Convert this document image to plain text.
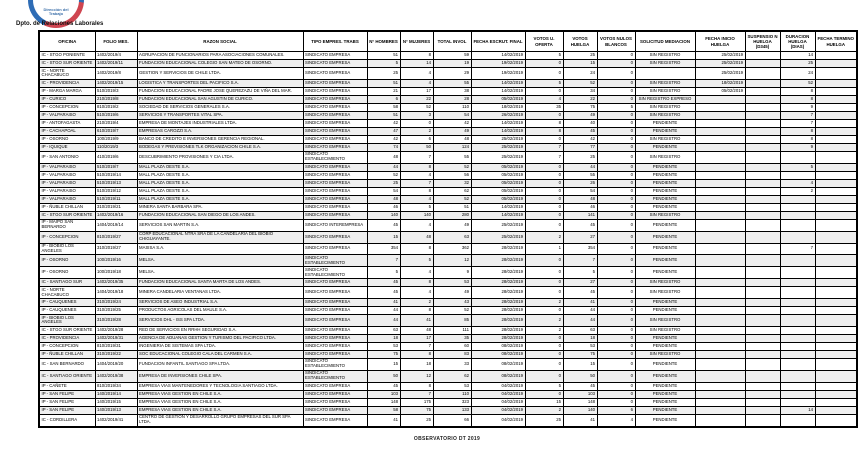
Dirección del
Trabajo
Dpto. de Relaciones Laborales
OFICINA	FOLIO MES.	RAZON SOCIAL	TIPO EMPRES. TRABS	N° HOMBRES	N° MUJERES	TOTAL INVOL	FECHA ESCRUT. FINAL	VOTOS U. OFERTA	VOTOS HUELGA	VOTOS NULOS BLANCOS	SOLICITUD MEDIACION	FECHA INICIO HUELGA	SUSPENSIO N HUELGA (D345)	DURACION HUELGA (DIAS)	FECHA TERMINO HUELGA
IC - STGO PONIENTE	1402/2019/4	AGRUPACION DE FUNCIONARIOS PARA ASOCIACIONES COMUNALES.	SINDICATO EMPRESA	51	8	59	14/02/2019	5	25	0	SIN REGISTRO	25/02/2019		14	
IC - STGO SUR ORIENTE	1402/2019/11	FUNDACION EDUCACIONAL COLEGIO SAN MATEO DE OSORNO.	SINDICATO EMPRESA	5	14	19	19/02/2019	0	15	0	SIN REGISTRO	25/02/2019		25	
IC - NORTE CHACABUCO	1402/2019/8	GESTION Y SERVICIOS DE CHILE LTDA.	SINDICATO EMPRESA	25	4	29	19/02/2019	0	24	0		25/02/2019		24	
IC - PROVIDENCIA	1402/2019/15	LOGISTICA Y TRANSPORTES DEL PACIFICO S.A.	SINDICATO EMPRESA	51	4	55	14/02/2019	5	52	0	SIN REGISTRO	18/02/2019		52	
IP - MARGA MARGA	510/2019/3	FUNDACION EDUCACIONAL PADRE JOSE QUEREZAZU DE VIÑA DEL MAR.	SINDICATO EMPRESA	21	17	38	14/02/2019	0	34	0	SIN REGISTRO	05/02/2019		8	
IP - CURICO	210/2019/8	FUNDACION EDUCACIONAL SAN AGUSTIN DE CURICO.	SINDICATO EMPRESA	6	22	28	05/02/2019	4	22	0	SIN REGISTRO EXPRESO			8	
IP - CONCEPCION	810/2019/2	SOCIEDAD DE SERVICIOS GENERALES S.A.	SINDICATO EMPRESA	58	52	110	18/02/2019	35	75	5	SIN REGISTRO			9	
IP - VALPARAISO	510/2019/6	SERVICIOS Y TRANSPORTES VITAL SPA.	SINDICATO EMPRESA	51	3	54	26/02/2019	0	49	0	SIN REGISTRO			7	
IP - ANTOFAGASTA	210/2019/4	EMPRESA DE MONTAJES INDUSTRIALES LTDA.	SINDICATO EMPRESA	42	0	42	14/02/2019	8	40	0	PENDIENTE			7	
IP - CACHAPOAL	610/2019/7	EMPRESAS CAROZZI S.A.	SINDICATO EMPRESA	47	2	49	14/02/2019	8	45	0	PENDIENTE			8	
IP - OSORNO	100/2019/9	BANCO DE CREDITO E INVERSIONES GERENCIA REGIONAL.	SINDICATO EMPRESA	42	6	48	25/02/2019	0	42	0	SIN REGISTRO			8	
IP - IQUIQUE	110/2019/3	BODEGAS Y PREVISIONES TLK ORGANIZACION CHILE S.A.	SINDICATO EMPRESA	74	50	124	25/02/2019	7	77	0	PENDIENTE			9	
IP - SAN ANTONIO	410/2019/6	DESCUBRIMIENTO PROVISIONES Y CIA LTDA.	SINDICATO ESTABLECIMIENTO	48	7	55	25/02/2019	7	25	0	SIN REGISTRO				
IP - VALPARAISO	510/2019/7	MALL PLAZA OESTE S.A.	SINDICATO EMPRESA	44	8	52	05/02/2019	0	44	0	PENDIENTE			5	
IP - VALPARAISO	510/2019/14	MALL PLAZA OESTE S.A.	SINDICATO EMPRESA	52	4	56	05/02/2019	0	55	0	PENDIENTE				
IP - VALPARAISO	510/2019/13	MALL PLAZA OESTE S.A.	SINDICATO EMPRESA	25	7	32	05/02/2019	0	26	0	PENDIENTE			4	
IP - VALPARAISO	510/2019/12	MALL PLAZA OESTE S.A.	SINDICATO EMPRESA	54	8	62	05/02/2019	0	54	0	PENDIENTE			2	
IP - VALPARAISO	510/2019/11	MALL PLAZA OESTE S.A.	SINDICATO EMPRESA	48	4	52	05/02/2019	0	48	0	PENDIENTE				
IP - ÑUBLE CHILLAN	310/2019/21	MINERA SANTA BARBARA SPA.	SINDICATO EMPRESA	46	5	51	14/02/2019	0	46	0	PENDIENTE				
IC - STGO SUR ORIENTE	1402/2019/16	FUNDACION EDUCACIONAL SAN DIEGO DE LOS ANDES.	SINDICATO EMPRESA	140	140	280	14/02/2019	0	141	0	SIN REGISTRO				
IP - MAIPO SAN BERNARDO	1404/2019/14	SERVICIOS SAN MARTIN S.A.	SINDICATO INTEREMPRESA	45	4	49	25/02/2019	0	45	0	PENDIENTE				
IP - CONCEPCION	810/2019/27	CORP EDUCACIONAL NTRA SRA DE LA CANDELARIA DEL BIOBIO CHIGUAYANTE.	SINDICATO EMPRESA	15	48	63	25/02/2019	2	27	0	PENDIENTE				
IP - BIOBIO LOS ANGELES	310/2019/27	MASISA S.A.	SINDICATO EMPRESA	354	8	362	28/02/2019	1	354	0	PENDIENTE			7	
IP - OSORNO	100/2019/16	MELSA.	SINDICATO ESTABLECIMIENTO	7	5	12	28/02/2019	0	7	0	PENDIENTE				
IP - OSORNO	100/2019/18	MELSA.	SINDICATO ESTABLECIMIENTO	5	4	9	28/02/2019	0	5	0	PENDIENTE				
IC - SANTIAGO SUR	1402/2019/35	FUNDACION EDUCACIONAL SANTA MARTA DE LOS ANDES.	SINDICATO EMPRESA	45	8	53	28/02/2019	0	27	0	SIN REGISTRO				
IC - NORTE CHACABUCO	1404/2019/18	MINERA CANDELARIA VENTANAS LTDA.	SINDICATO EMPRESA	45	4	49	28/02/2019	0	45	0	SIN REGISTRO				
IP - CAUQUENES	310/2019/24	SERVICIOS DE ASEO INDUSTRIAL S.A.	SINDICATO EMPRESA	41	2	43	28/02/2019	2	41	0	PENDIENTE				
IP - CAUQUENES	310/2019/25	PRODUCTOS AGRICOLAS DEL MAULE S.A.	SINDICATO EMPRESA	44	8	52	28/02/2019	0	44	0	PENDIENTE				
IP - BIOBIO LOS ANGELES	310/2019/28	SERVICIOS DHL - ISS SPA LTDA.	SINDICATO EMPRESA	44	41	85	28/02/2019	2	44	0	SIN REGISTRO				
IC - STGO SUR ORIENTE	1402/2019/28	RED DE SERVICIOS EN RRHH SEGURIDAD S.A.	SINDICATO EMPRESA	63	48	111	28/02/2019	2	63	0	SIN REGISTRO				
IC - PROVIDENCIA	1402/2019/31	AGENCIA DE ADUANAS GESTION Y TURISMO DEL PACIFICO LTDA.	SINDICATO EMPRESA	18	17	35	28/02/2019	0	18	0	PENDIENTE				
IP - CONCEPCION	810/2019/31	INGENIERIA DE SISTEMAS SPA LTDA.	SINDICATO EMPRESA	53	7	60	08/02/2019	0	53	0	PENDIENTE				
IP - ÑUBLE CHILLAN	310/2019/22	SOC EDUCACIONAL COLEGIO CALA DEL CARMEN S.A.	SINDICATO EMPRESA	75	8	83	08/02/2019	0	75	0	SIN REGISTRO				
IC - SAN BERNARDO	1404/2019/20	FUNDACION INFANTIL SANTIAGO SPA LTDA.	SINDICATO ESTABLECIMIENTO	15	18	33	08/02/2019	0	15	0	PENDIENTE				
IC - SANTIAGO ORIENTE	1402/2019/38	EMPRESA DE INVERSIONES CHILE SPA.	SINDICATO ESTABLECIMIENTO	50	12	62	08/02/2019	0	50	0	PENDIENTE				
IP - CAÑETE	810/2019/34	EMPRESA VIAS MANTENEDORES Y TECNOLOGIA SANTIAGO LTDA.	SINDICATO EMPRESA	45	8	53	04/02/2019	5	45	0	PENDIENTE				
IP - SAN FELIPE	140/2019/14	EMPRESA VIAS GESTION EN CHILE S.A.	SINDICATO EMPRESA	103	7	110	04/02/2019	0	103	0	PENDIENTE				
IP - SAN FELIPE	140/2019/15	EMPRESA VIAS GESTION EN CHILE S.A.	SINDICATO EMPRESA	148	175	323	04/02/2019	15	148	0	PENDIENTE				
IP - SAN FELIPE	140/2019/13	EMPRESA VIAS GESTION EN CHILE S.A.	SINDICATO EMPRESA	58	75	133	04/02/2019	2	140	6	PENDIENTE			14	
IC - CORDILLERA	1402/2019/41	CENTRO DE GESTION Y DESARROLLO GRUPO EMPRESAS DEL SUR SPA LTDA.	SINDICATO EMPRESA	41	25	66	04/02/2019	25	41	4	PENDIENTE				
OBSERVATORIO DT 2019
